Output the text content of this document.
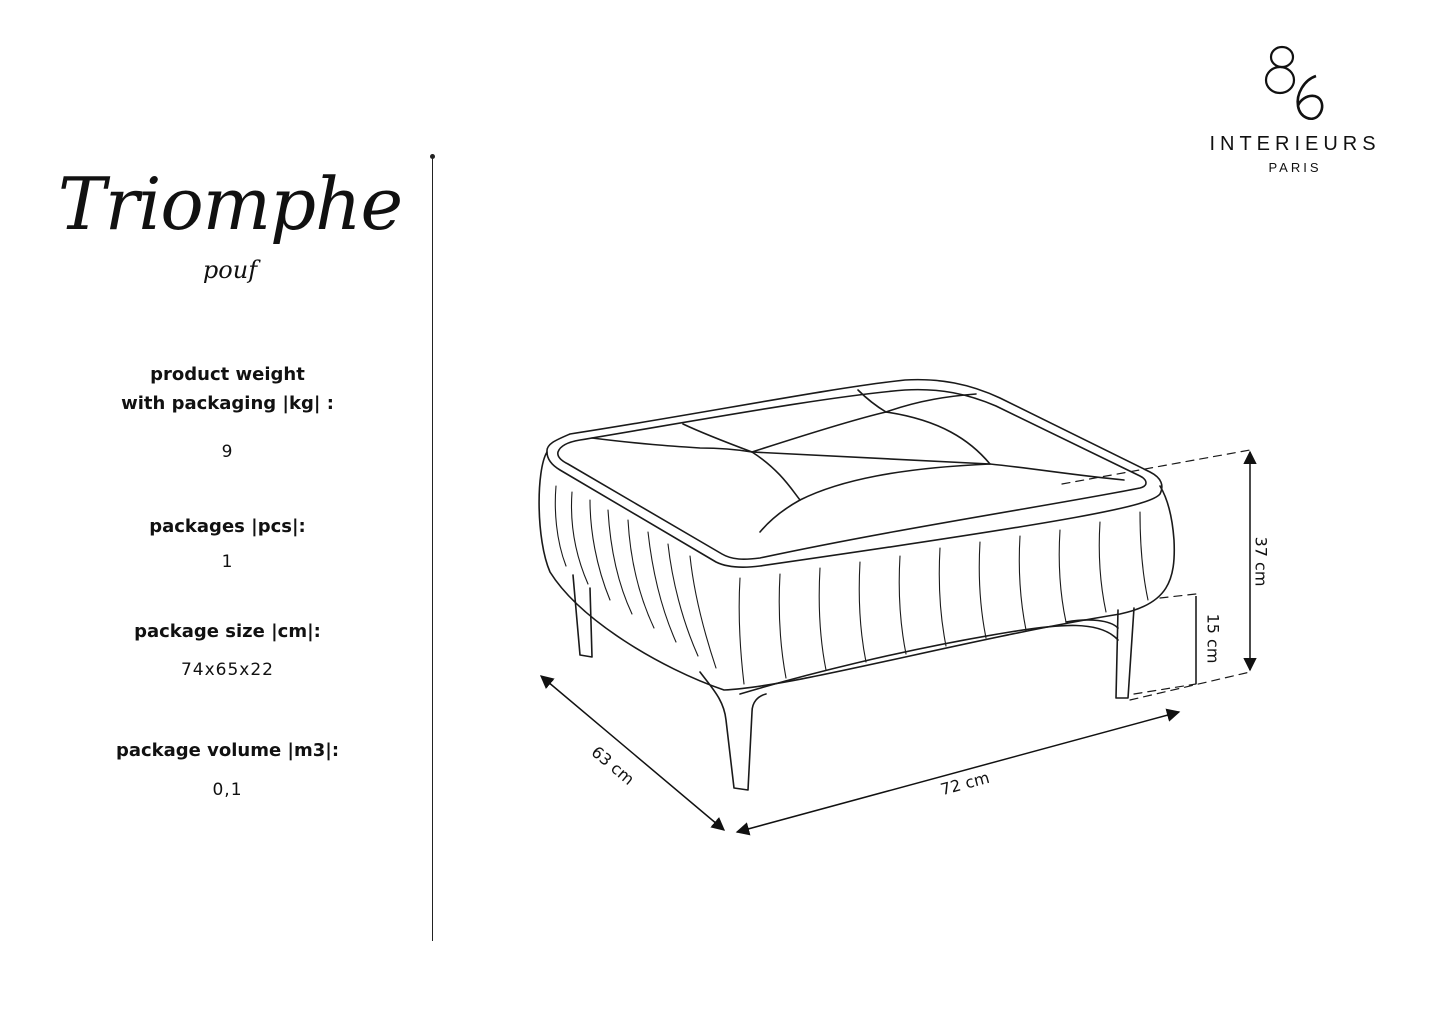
Triomphe
pouf
product weight
with packaging |kg| :
9
packages |pcs|:
1
package size |cm|:
74x65x22
package volume |m3|:
0,1
INTERIEURS
PARIS
63 cm	72 cm
37 cm
15 cm
